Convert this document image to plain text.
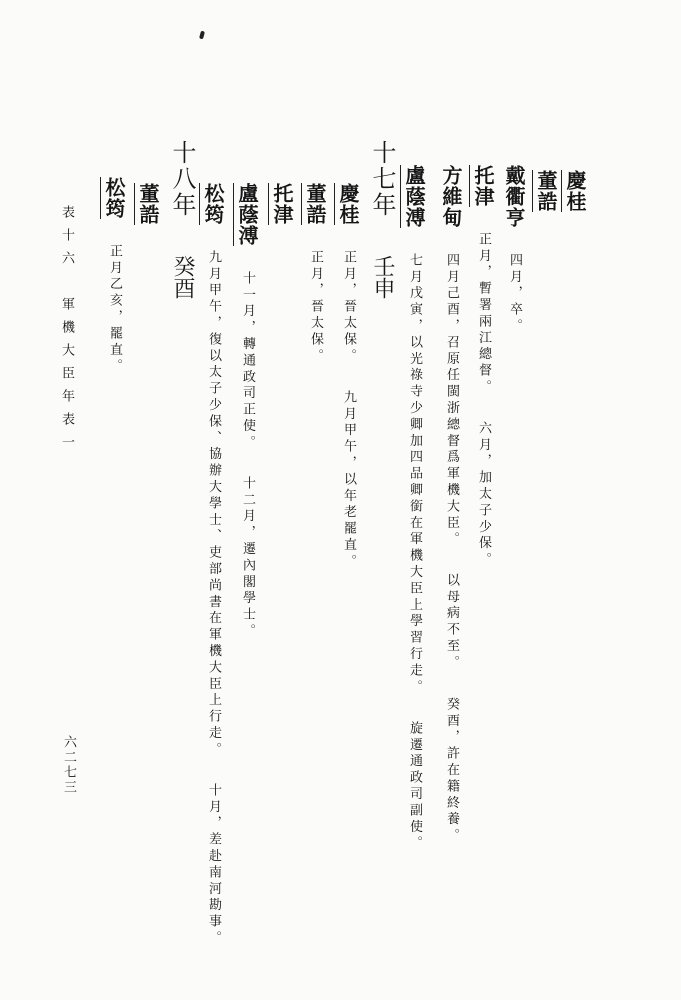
慶桂
董誥
戴衢亨 四月，卒。
托津 正月，暫署兩江總督。 六月，加太子少保。
方維甸 四月己酉，召原任閩浙總督爲軍機大臣。 以母病不至。 癸酉，許在籍終養。
盧蔭溥 七月戊寅，以光祿寺少卿加四品卿銜在軍機大臣上學習行走。 旋遷通政司副使。
十七年 壬申
慶桂 正月，晉太保。 九月甲午，以年老罷直。
董誥 正月，晉太保。
托津
盧蔭溥 十一月，轉通政司正使。 十二月，遷內閣學士。
松筠 九月甲午，復以太子少保、協辦大學士、吏部尚書在軍機大臣上行走。 十月，差赴南河勘事。
十八年 癸酉
董誥
松筠 正月乙亥，罷直。
表十六　軍機大臣年表一
六二七三
